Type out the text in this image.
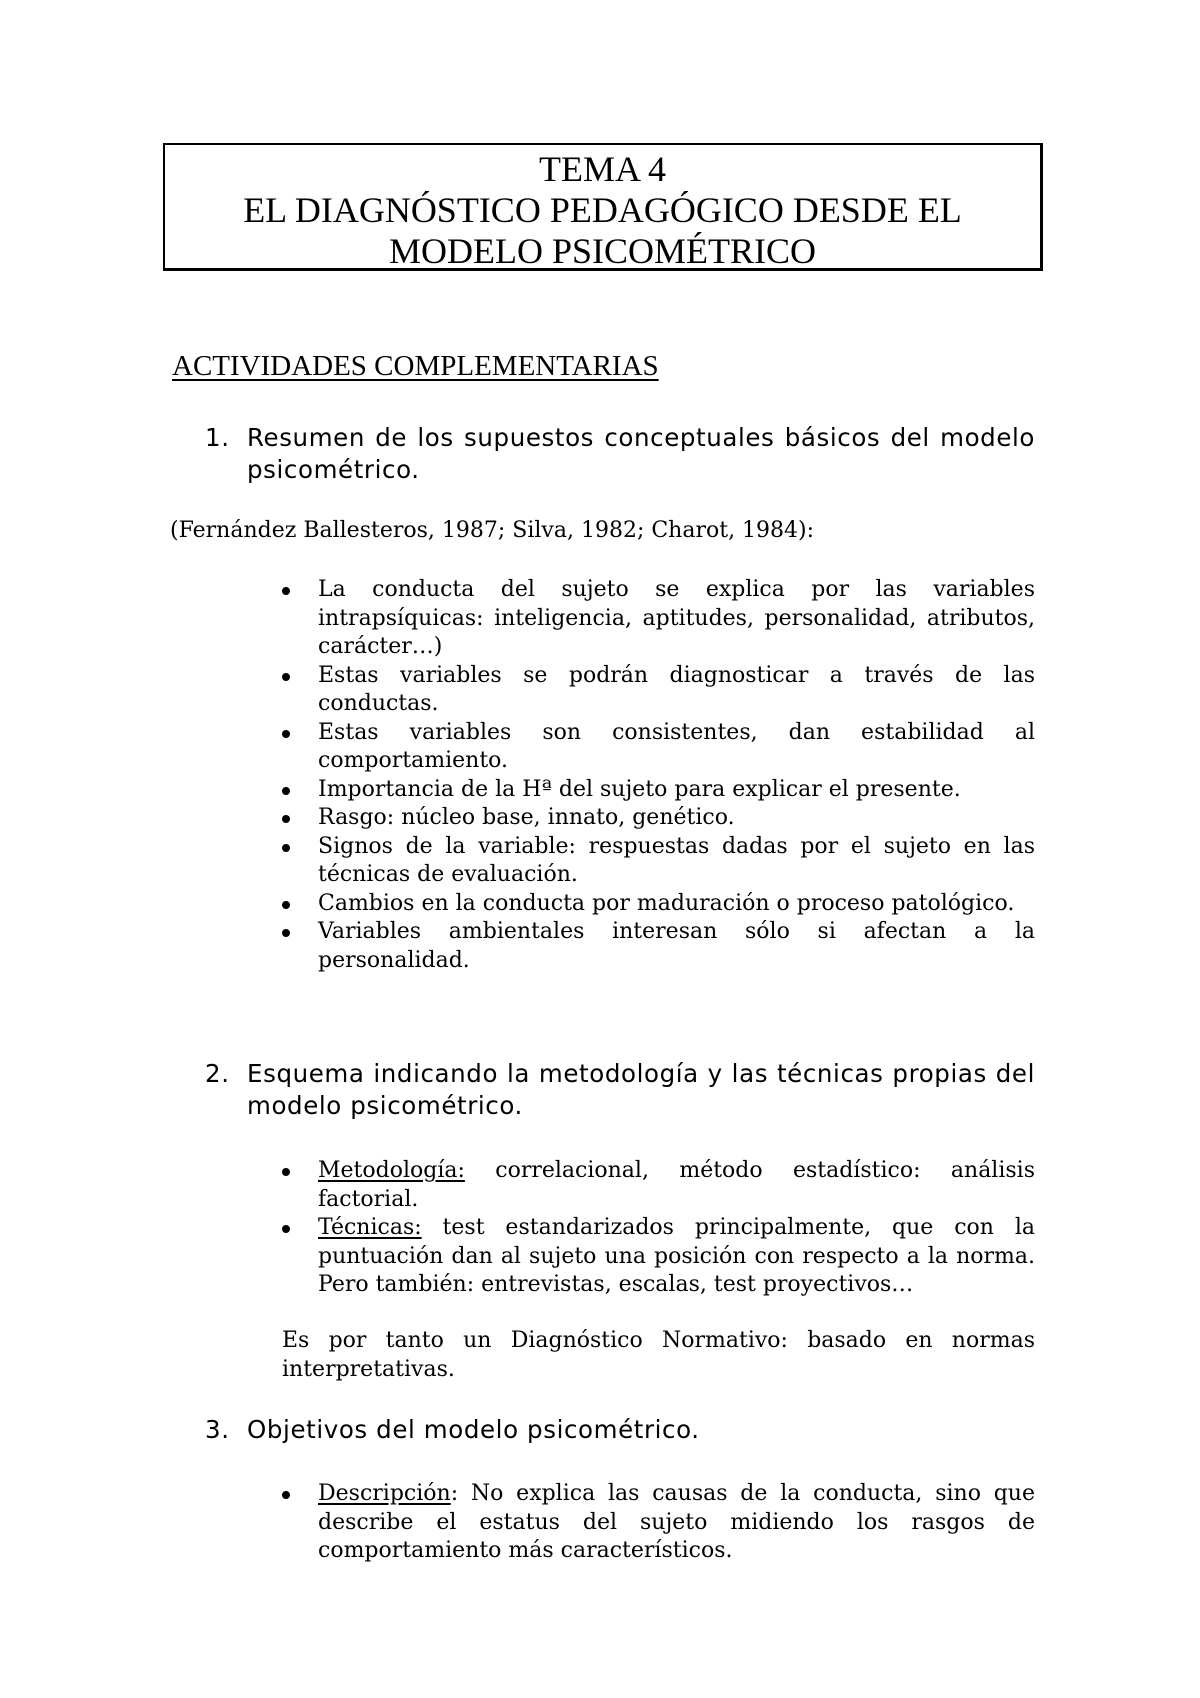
TEMA 4
EL DIAGNÓSTICO PEDAGÓGICO DESDE EL
MODELO PSICOMÉTRICO
ACTIVIDADES COMPLEMENTARIAS
1. Resumen de los supuestos conceptuales básicos del modelo psicométrico.
(Fernández Ballesteros, 1987; Silva, 1982; Charot, 1984):
La conducta del sujeto se explica por las variables intrapsíquicas: inteligencia, aptitudes, personalidad, atributos, carácter…)
Estas variables se podrán diagnosticar a través de las conductas.
Estas variables son consistentes, dan estabilidad al comportamiento.
Importancia de la Hª del sujeto para explicar el presente.
Rasgo: núcleo base, innato, genético.
Signos de la variable: respuestas dadas por el sujeto en las técnicas de evaluación.
Cambios en la conducta por maduración o proceso patológico.
Variables ambientales interesan sólo si afectan a la personalidad.
2. Esquema indicando la metodología y las técnicas propias del modelo psicométrico.
Metodología: correlacional, método estadístico: análisis factorial.
Técnicas: test estandarizados principalmente, que con la puntuación dan al sujeto una posición con respecto a la norma. Pero también: entrevistas, escalas, test proyectivos…
Es por tanto un Diagnóstico Normativo: basado en normas interpretativas.
3. Objetivos del modelo psicométrico.
Descripción: No explica las causas de la conducta, sino que describe el estatus del sujeto midiendo los rasgos de comportamiento más característicos.
